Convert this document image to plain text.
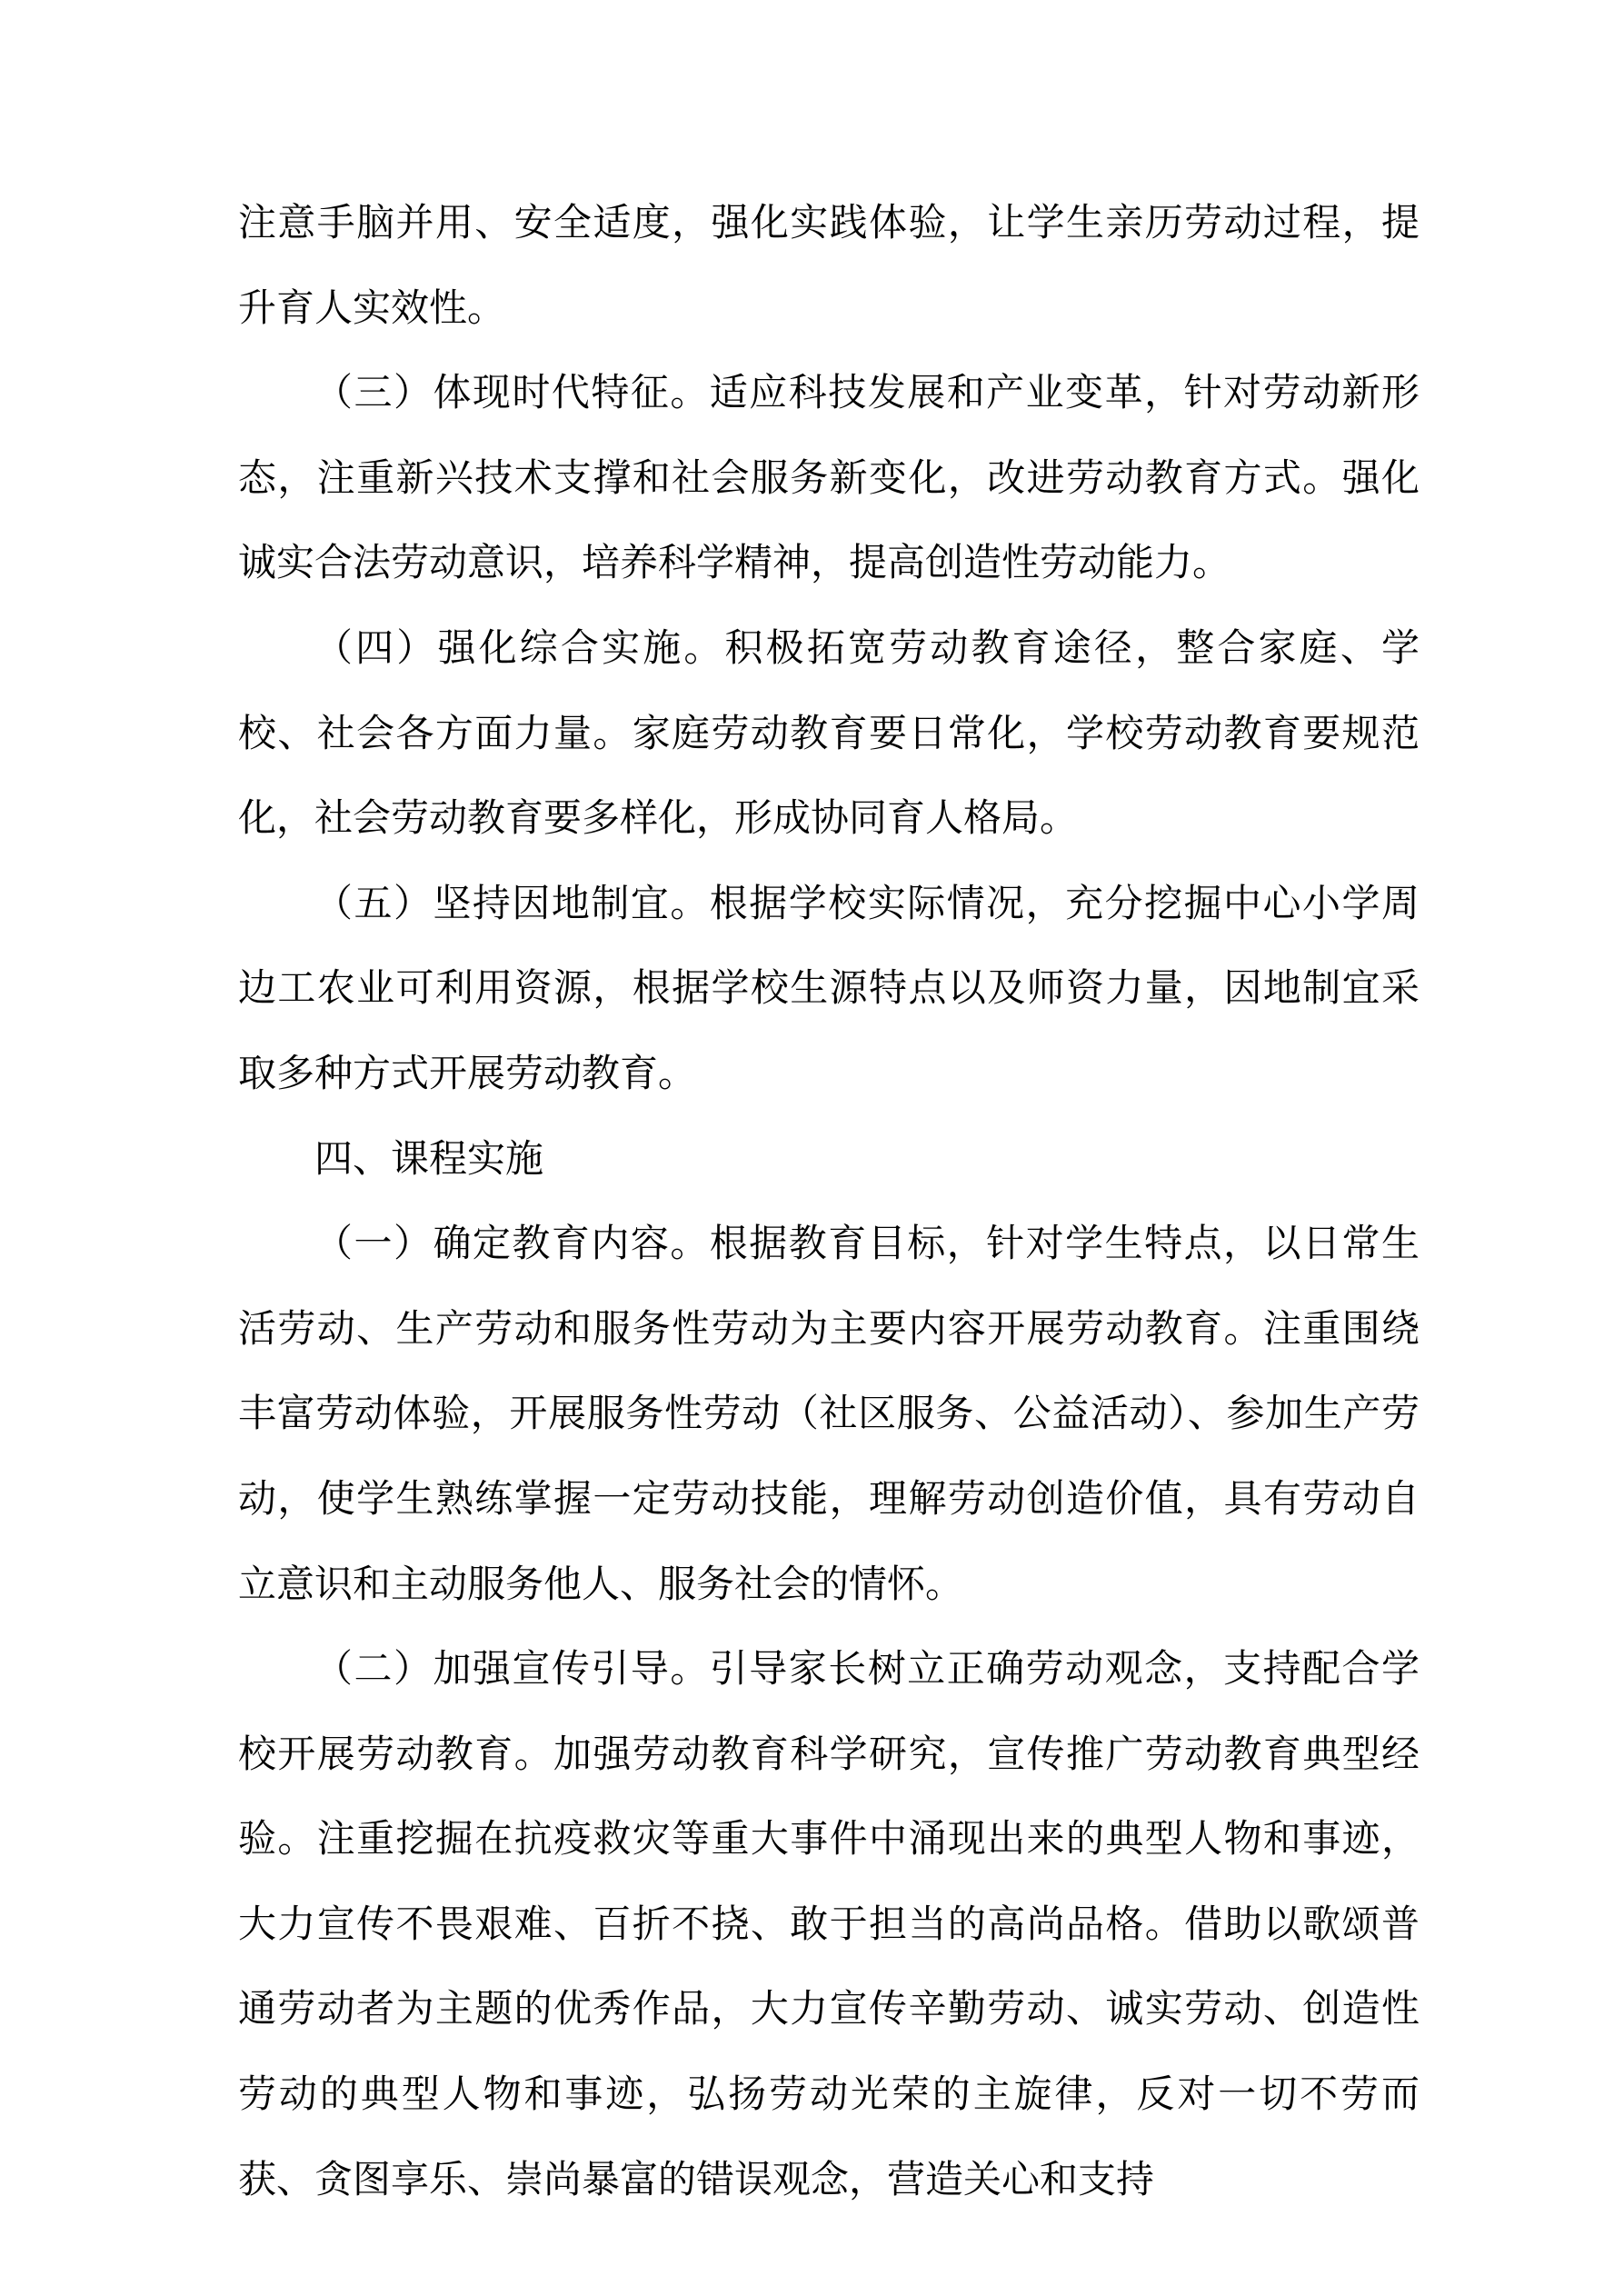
注意手脑并用、安全适度，强化实践体验，让学生亲历劳动过程，提升育人实效性。

（三）体现时代特征。适应科技发展和产业变革，针对劳动新形态，注重新兴技术支撑和社会服务新变化，改进劳动教育方式。强化诚实合法劳动意识，培养科学精神，提高创造性劳动能力。

（四）强化综合实施。积极拓宽劳动教育途径，整合家庭、学校、社会各方面力量。家庭劳动教育要日常化，学校劳动教育要规范化，社会劳动教育要多样化，形成协同育人格局。

（五）坚持因地制宜。根据学校实际情况，充分挖掘中心小学周边工农业可利用资源，根据学校生源特点以及师资力量，因地制宜采取多种方式开展劳动教育。

四、课程实施

（一）确定教育内容。根据教育目标，针对学生特点，以日常生活劳动、生产劳动和服务性劳动为主要内容开展劳动教育。注重围绕丰富劳动体验，开展服务性劳动（社区服务、公益活动）、参加生产劳动，使学生熟练掌握一定劳动技能，理解劳动创造价值，具有劳动自立意识和主动服务他人、服务社会的情怀。

（二）加强宣传引导。引导家长树立正确劳动观念，支持配合学校开展劳动教育。加强劳动教育科学研究，宣传推广劳动教育典型经验。注重挖掘在抗疫救灾等重大事件中涌现出来的典型人物和事迹，大力宣传不畏艰难、百折不挠、敢于担当的高尚品格。借助以歌颂普通劳动者为主题的优秀作品，大力宣传辛勤劳动、诚实劳动、创造性劳动的典型人物和事迹，弘扬劳动光荣的主旋律，反对一切不劳而获、贪图享乐、崇尚暴富的错误观念，营造关心和支持
